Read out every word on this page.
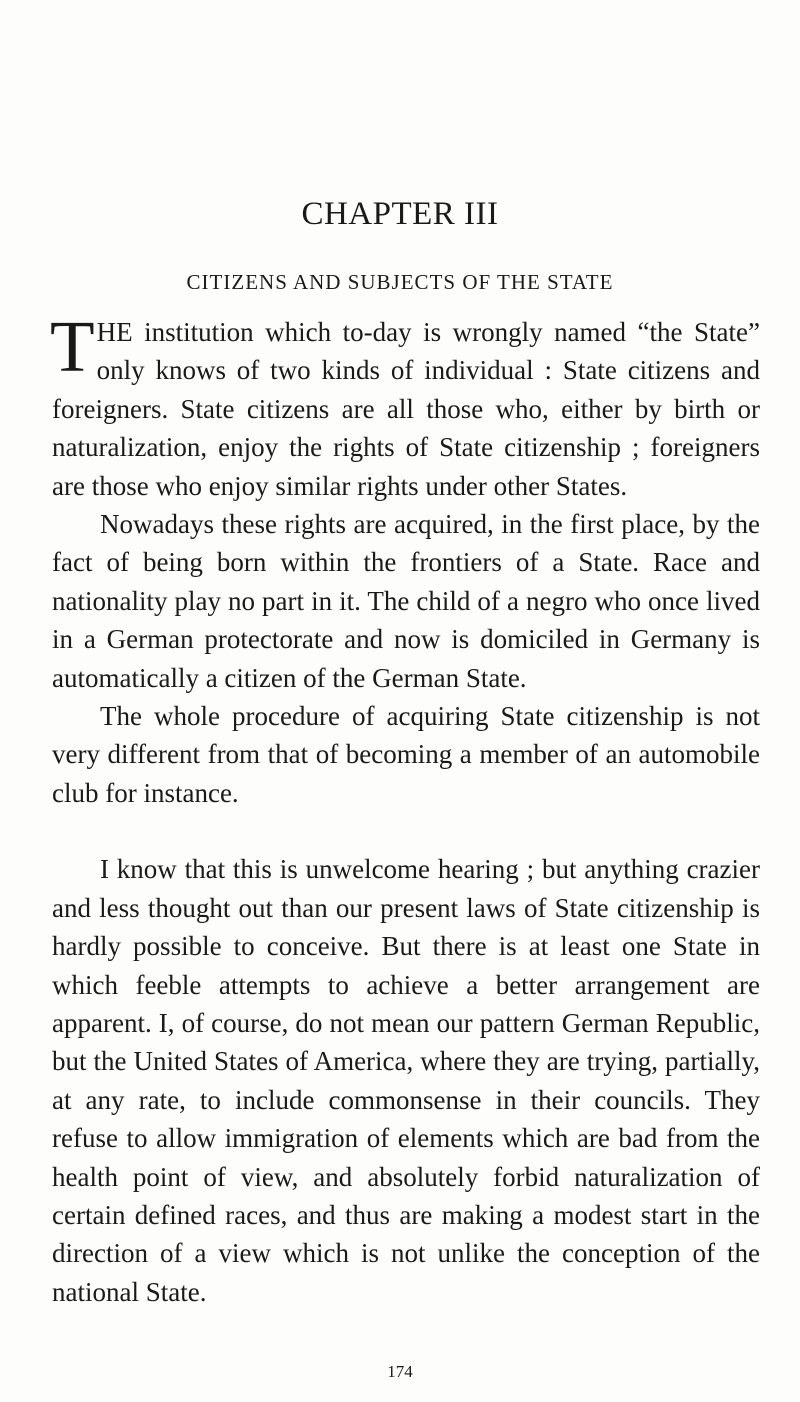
CHAPTER III
CITIZENS AND SUBJECTS OF THE STATE

THE institution which to-day is wrongly named “the State” only knows of two kinds of individual : State citizens and foreigners. State citizens are all those who, either by birth or naturalization, enjoy the rights of State citizenship ; foreigners are those who enjoy similar rights under other States.

Nowadays these rights are acquired, in the first place, by the fact of being born within the frontiers of a State. Race and nationality play no part in it. The child of a negro who once lived in a German protectorate and now is domiciled in Germany is automatically a citizen of the German State.

The whole procedure of acquiring State citizenship is not very different from that of becoming a member of an automobile club for instance.

I know that this is unwelcome hearing ; but anything crazier and less thought out than our present laws of State citizenship is hardly possible to conceive. But there is at least one State in which feeble attempts to achieve a better arrangement are apparent. I, of course, do not mean our pattern German Republic, but the United States of America, where they are trying, partially, at any rate, to include commonsense in their councils. They refuse to allow immigration of elements which are bad from the health point of view, and absolutely forbid naturalization of certain defined races, and thus are making a modest start in the direction of a view which is not unlike the conception of the national State.

174
